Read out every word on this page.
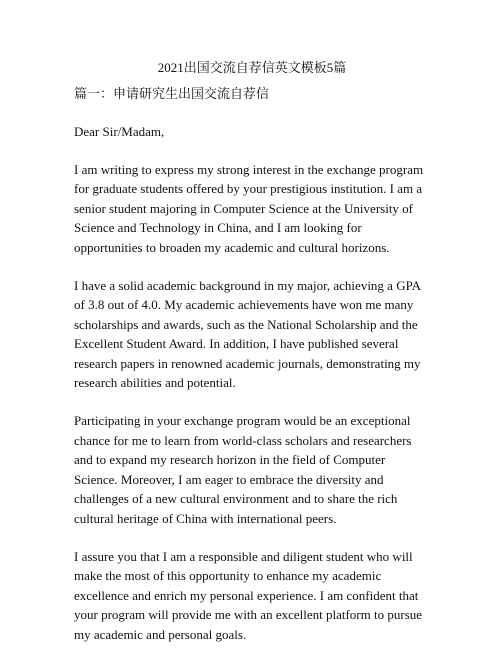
2021出国交流自荐信英文模板5篇
篇一：申请研究生出国交流自荐信
Dear Sir/Madam,

I am writing to express my strong interest in the exchange program for graduate students offered by your prestigious institution. I am a senior student majoring in Computer Science at the University of Science and Technology in China, and I am looking for opportunities to broaden my academic and cultural horizons.

I have a solid academic background in my major, achieving a GPA of 3.8 out of 4.0. My academic achievements have won me many scholarships and awards, such as the National Scholarship and the Excellent Student Award. In addition, I have published several research papers in renowned academic journals, demonstrating my research abilities and potential.

Participating in your exchange program would be an exceptional chance for me to learn from world-class scholars and researchers and to expand my research horizon in the field of Computer Science. Moreover, I am eager to embrace the diversity and challenges of a new cultural environment and to share the rich cultural heritage of China with international peers.

I assure you that I am a responsible and diligent student who will make the most of this opportunity to enhance my academic excellence and enrich my personal experience. I am confident that your program will provide me with an excellent platform to pursue my academic and personal goals.
